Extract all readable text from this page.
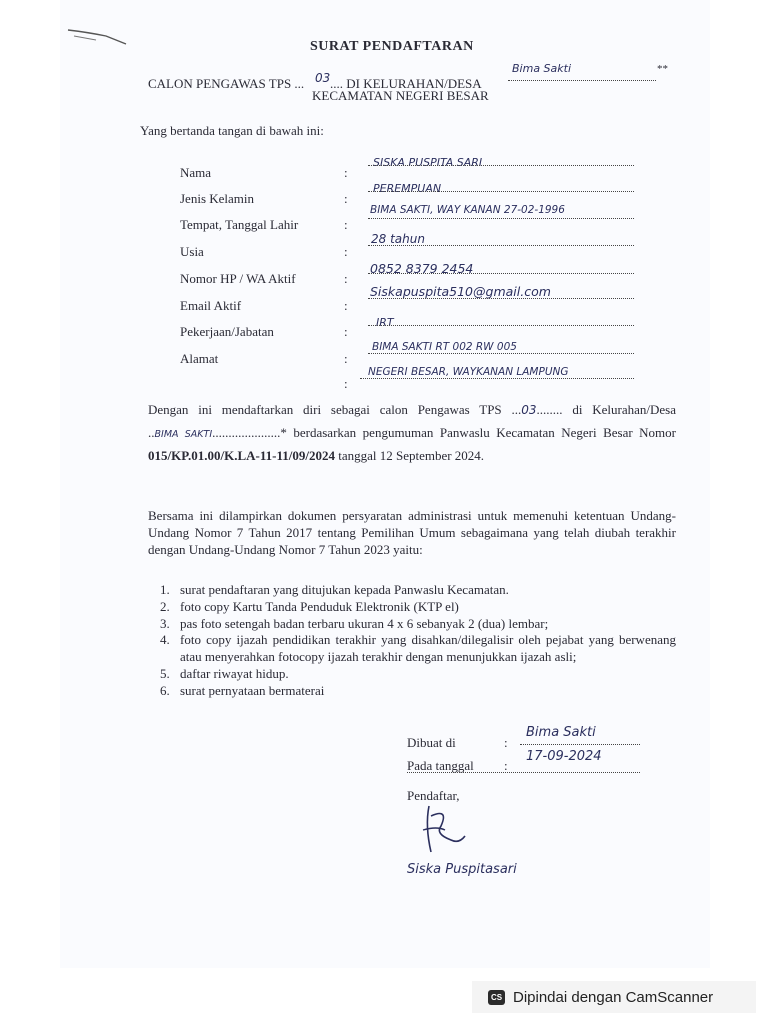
SURAT PENDAFTARAN
CALON PENGAWAS TPS ... 03 .... DI KELURAHAN/DESA
Bima Sakti	**
KECAMATAN NEGERI BESAR
Yang bertanda tangan di bawah ini:
Nama	:
SISKA PUSPITA SARI
Jenis Kelamin	:
PEREMPUAN
Tempat, Tanggal Lahir	:
BIMA SAKTI, WAY KANAN 27-02-1996
Usia	:
28 tahun
Nomor HP / WA Aktif	:
0852 8379 2454
Email Aktif	:
Siskapuspita510@gmail.com
Pekerjaan/Jabatan	:
IRT
Alamat	:
BIMA SAKTI RT 002 RW 005
:
NEGERI BESAR, WAYKANAN LAMPUNG
Dengan ini mendaftarkan diri sebagai calon Pengawas TPS ...03........ di Kelurahan/Desa ..BIMA SAKTI.....................* berdasarkan pengumuman Panwaslu Kecamatan Negeri Besar Nomor 015/KP.01.00/K.LA-11-11/09/2024 tanggal 12 September 2024.
Bersama ini dilampirkan dokumen persyaratan administrasi untuk memenuhi ketentuan Undang-Undang Nomor 7 Tahun 2017 tentang Pemilihan Umum sebagaimana yang telah diubah terakhir dengan Undang-Undang Nomor 7 Tahun 2023 yaitu:
1. surat pendaftaran yang ditujukan kepada Panwaslu Kecamatan.
2. foto copy Kartu Tanda Penduduk Elektronik (KTP el)
3. pas foto setengah badan terbaru ukuran 4 x 6 sebanyak 2 (dua) lembar;
4. foto copy ijazah pendidikan terakhir yang disahkan/dilegalisir oleh pejabat yang berwenang atau menyerahkan fotocopy ijazah terakhir dengan menunjukkan ijazah asli;
5. daftar riwayat hidup.
6. surat pernyataan bermaterai
Dibuat di	:
Bima Sakti
Pada tanggal :
17-09-2024
Pendaftar,
Siska Puspitasari
CS Dipindai dengan CamScanner
